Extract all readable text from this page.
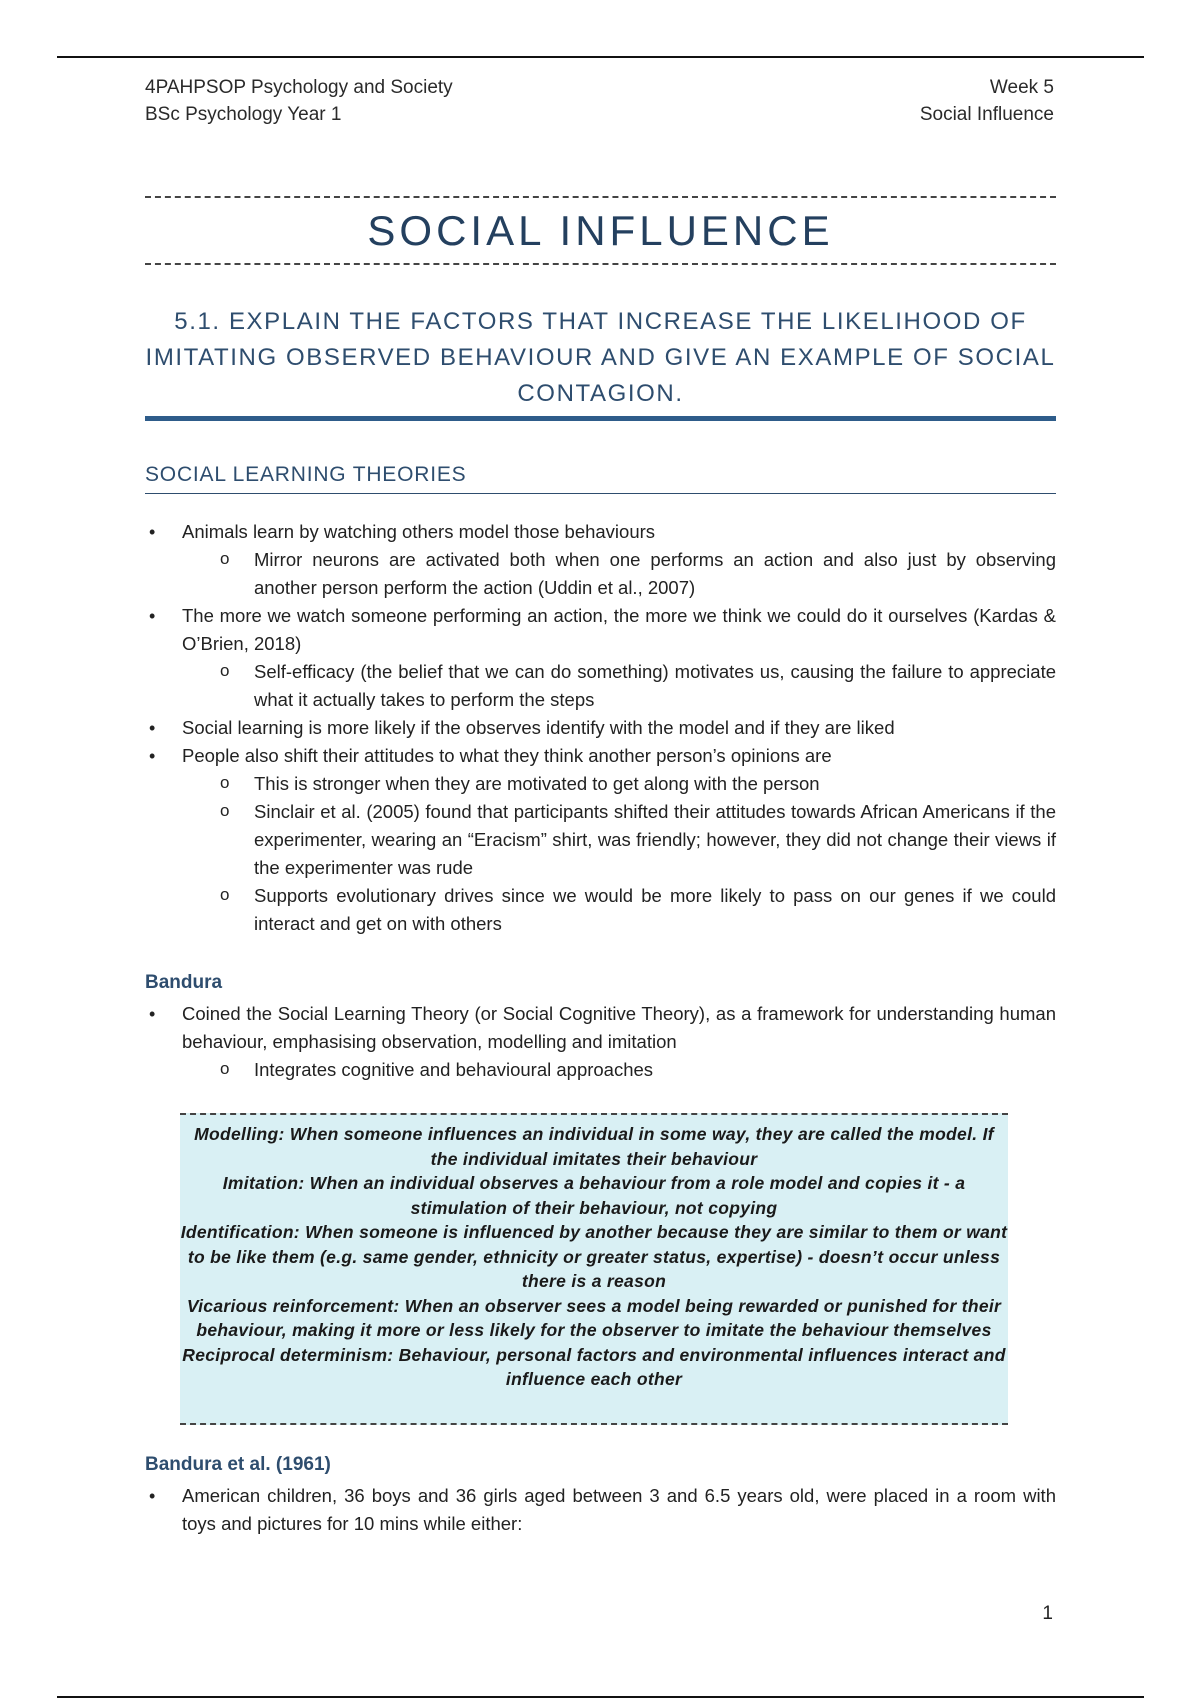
4PAHPSOP Psychology and Society
BSc Psychology Year 1
Week 5
Social Influence
SOCIAL INFLUENCE
5.1. EXPLAIN THE FACTORS THAT INCREASE THE LIKELIHOOD OF IMITATING OBSERVED BEHAVIOUR AND GIVE AN EXAMPLE OF SOCIAL CONTAGION.
SOCIAL LEARNING THEORIES
• Animals learn by watching others model those behaviours
o Mirror neurons are activated both when one performs an action and also just by observing another person perform the action (Uddin et al., 2007)
• The more we watch someone performing an action, the more we think we could do it ourselves (Kardas & O’Brien, 2018)
o Self-efficacy (the belief that we can do something) motivates us, causing the failure to appreciate what it actually takes to perform the steps
• Social learning is more likely if the observes identify with the model and if they are liked
• People also shift their attitudes to what they think another person’s opinions are
o This is stronger when they are motivated to get along with the person
o Sinclair et al. (2005) found that participants shifted their attitudes towards African Americans if the experimenter, wearing an “Eracism” shirt, was friendly; however, they did not change their views if the experimenter was rude
o Supports evolutionary drives since we would be more likely to pass on our genes if we could interact and get on with others
Bandura
• Coined the Social Learning Theory (or Social Cognitive Theory), as a framework for understanding human behaviour, emphasising observation, modelling and imitation
o Integrates cognitive and behavioural approaches
Modelling: When someone influences an individual in some way, they are called the model. If the individual imitates their behaviour
Imitation: When an individual observes a behaviour from a role model and copies it - a stimulation of their behaviour, not copying
Identification: When someone is influenced by another because they are similar to them or want to be like them (e.g. same gender, ethnicity or greater status, expertise) - doesn’t occur unless there is a reason
Vicarious reinforcement: When an observer sees a model being rewarded or punished for their behaviour, making it more or less likely for the observer to imitate the behaviour themselves
Reciprocal determinism: Behaviour, personal factors and environmental influences interact and influence each other
Bandura et al. (1961)
• American children, 36 boys and 36 girls aged between 3 and 6.5 years old, were placed in a room with toys and pictures for 10 mins while either:
1
